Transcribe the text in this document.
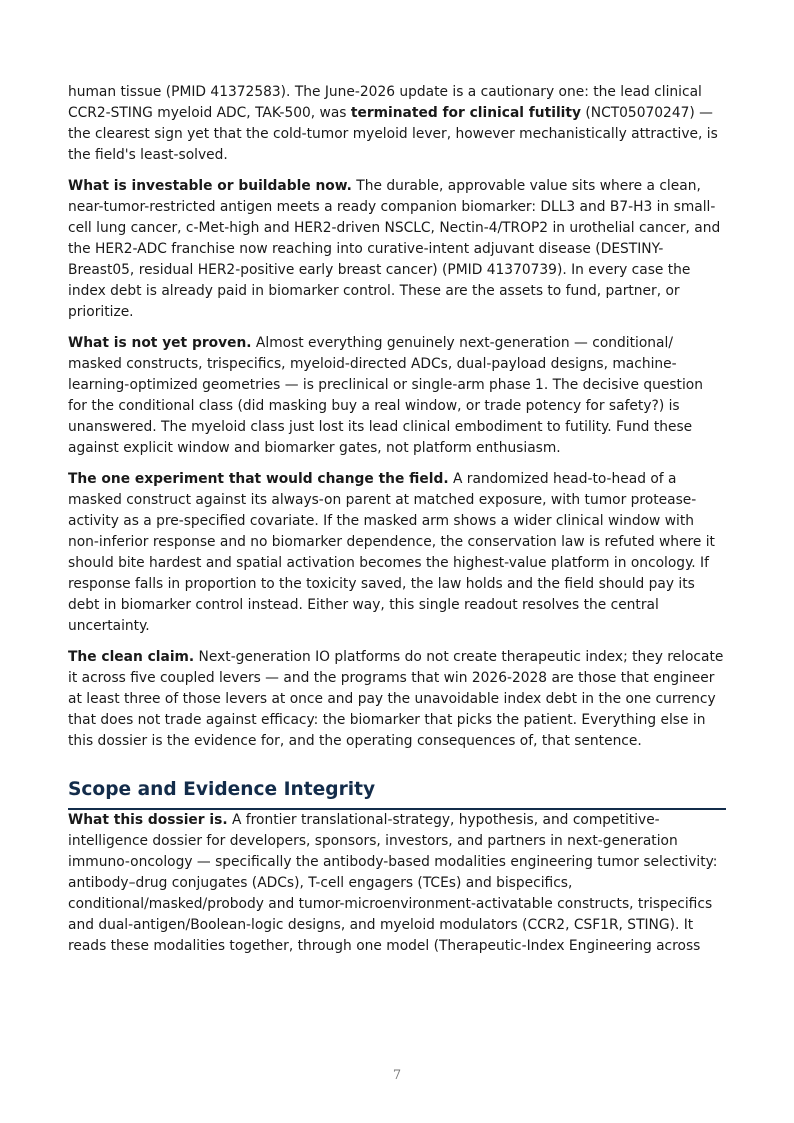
human tissue (PMID 41372583). The June-2026 update is a cautionary one: the lead clinical CCR2-STING myeloid ADC, TAK-500, was terminated for clinical futility (NCT05070247) — the clearest sign yet that the cold-tumor myeloid lever, however mechanistically attractive, is the field's least-solved.

What is investable or buildable now. The durable, approvable value sits where a clean, near-tumor-restricted antigen meets a ready companion biomarker: DLL3 and B7-H3 in small-cell lung cancer, c-Met-high and HER2-driven NSCLC, Nectin-4/TROP2 in urothelial cancer, and the HER2-ADC franchise now reaching into curative-intent adjuvant disease (DESTINY-Breast05, residual HER2-positive early breast cancer) (PMID 41370739). In every case the index debt is already paid in biomarker control. These are the assets to fund, partner, or prioritize.

What is not yet proven. Almost everything genuinely next-generation — conditional/ masked constructs, trispecifics, myeloid-directed ADCs, dual-payload designs, machine-learning-optimized geometries — is preclinical or single-arm phase 1. The decisive question for the conditional class (did masking buy a real window, or trade potency for safety?) is unanswered. The myeloid class just lost its lead clinical embodiment to futility. Fund these against explicit window and biomarker gates, not platform enthusiasm.

The one experiment that would change the field. A randomized head-to-head of a masked construct against its always-on parent at matched exposure, with tumor protease-activity as a pre-specified covariate. If the masked arm shows a wider clinical window with non-inferior response and no biomarker dependence, the conservation law is refuted where it should bite hardest and spatial activation becomes the highest-value platform in oncology. If response falls in proportion to the toxicity saved, the law holds and the field should pay its debt in biomarker control instead. Either way, this single readout resolves the central uncertainty.

The clean claim. Next-generation IO platforms do not create therapeutic index; they relocate it across five coupled levers — and the programs that win 2026-2028 are those that engineer at least three of those levers at once and pay the unavoidable index debt in the one currency that does not trade against efficacy: the biomarker that picks the patient. Everything else in this dossier is the evidence for, and the operating consequences of, that sentence.

Scope and Evidence Integrity

What this dossier is. A frontier translational-strategy, hypothesis, and competitive-intelligence dossier for developers, sponsors, investors, and partners in next-generation immuno-oncology — specifically the antibody-based modalities engineering tumor selectivity: antibody–drug conjugates (ADCs), T-cell engagers (TCEs) and bispecifics, conditional/masked/probody and tumor-microenvironment-activatable constructs, trispecifics and dual-antigen/Boolean-logic designs, and myeloid modulators (CCR2, CSF1R, STING). It reads these modalities together, through one model (Therapeutic-Index Engineering across

7
